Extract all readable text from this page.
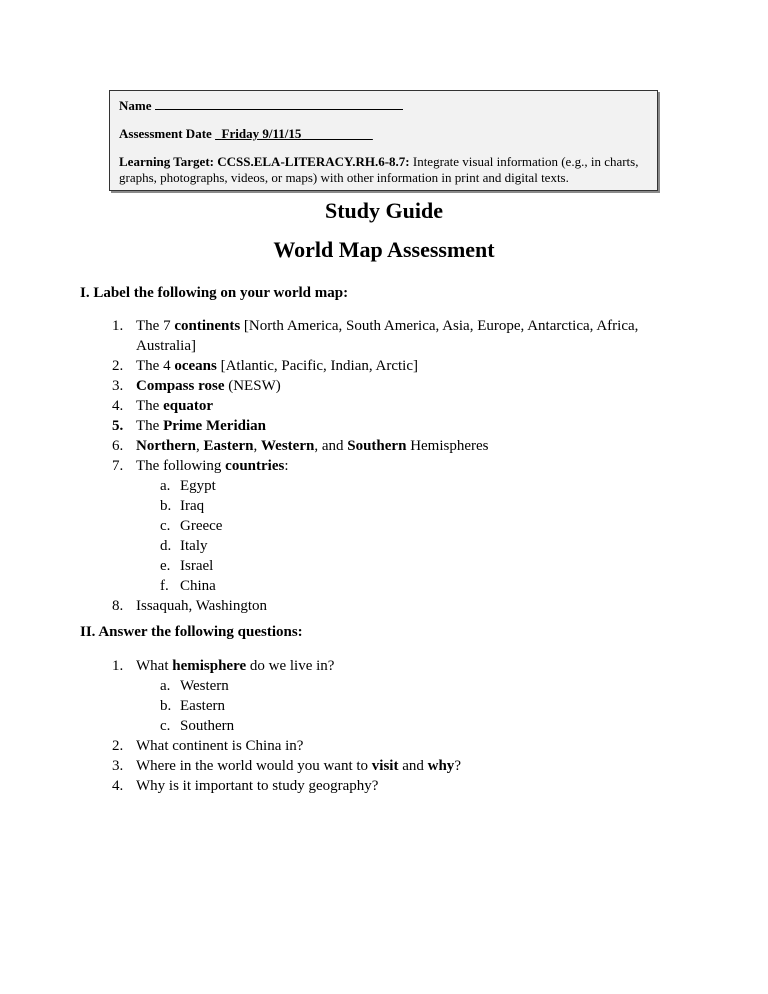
Name

Assessment Date Friday 9/11/15

Learning Target: CCSS.ELA-LITERACY.RH.6-8.7: Integrate visual information (e.g., in charts, graphs, photographs, videos, or maps) with other information in print and digital texts.

Study Guide
World Map Assessment
I. Label the following on your world map:
1. The 7 continents [North America, South America, Asia, Europe, Antarctica, Africa, Australia]
2. The 4 oceans [Atlantic, Pacific, Indian, Arctic]
3. Compass rose (NESW)
4. The equator
5. The Prime Meridian
6. Northern, Eastern, Western, and Southern Hemispheres
7. The following countries:
a. Egypt
b. Iraq
c. Greece
d. Italy
e. Israel
f. China
8. Issaquah, Washington
II. Answer the following questions:
1. What hemisphere do we live in?
a. Western
b. Eastern
c. Southern
2. What continent is China in?
3. Where in the world would you want to visit and why?
4. Why is it important to study geography?
